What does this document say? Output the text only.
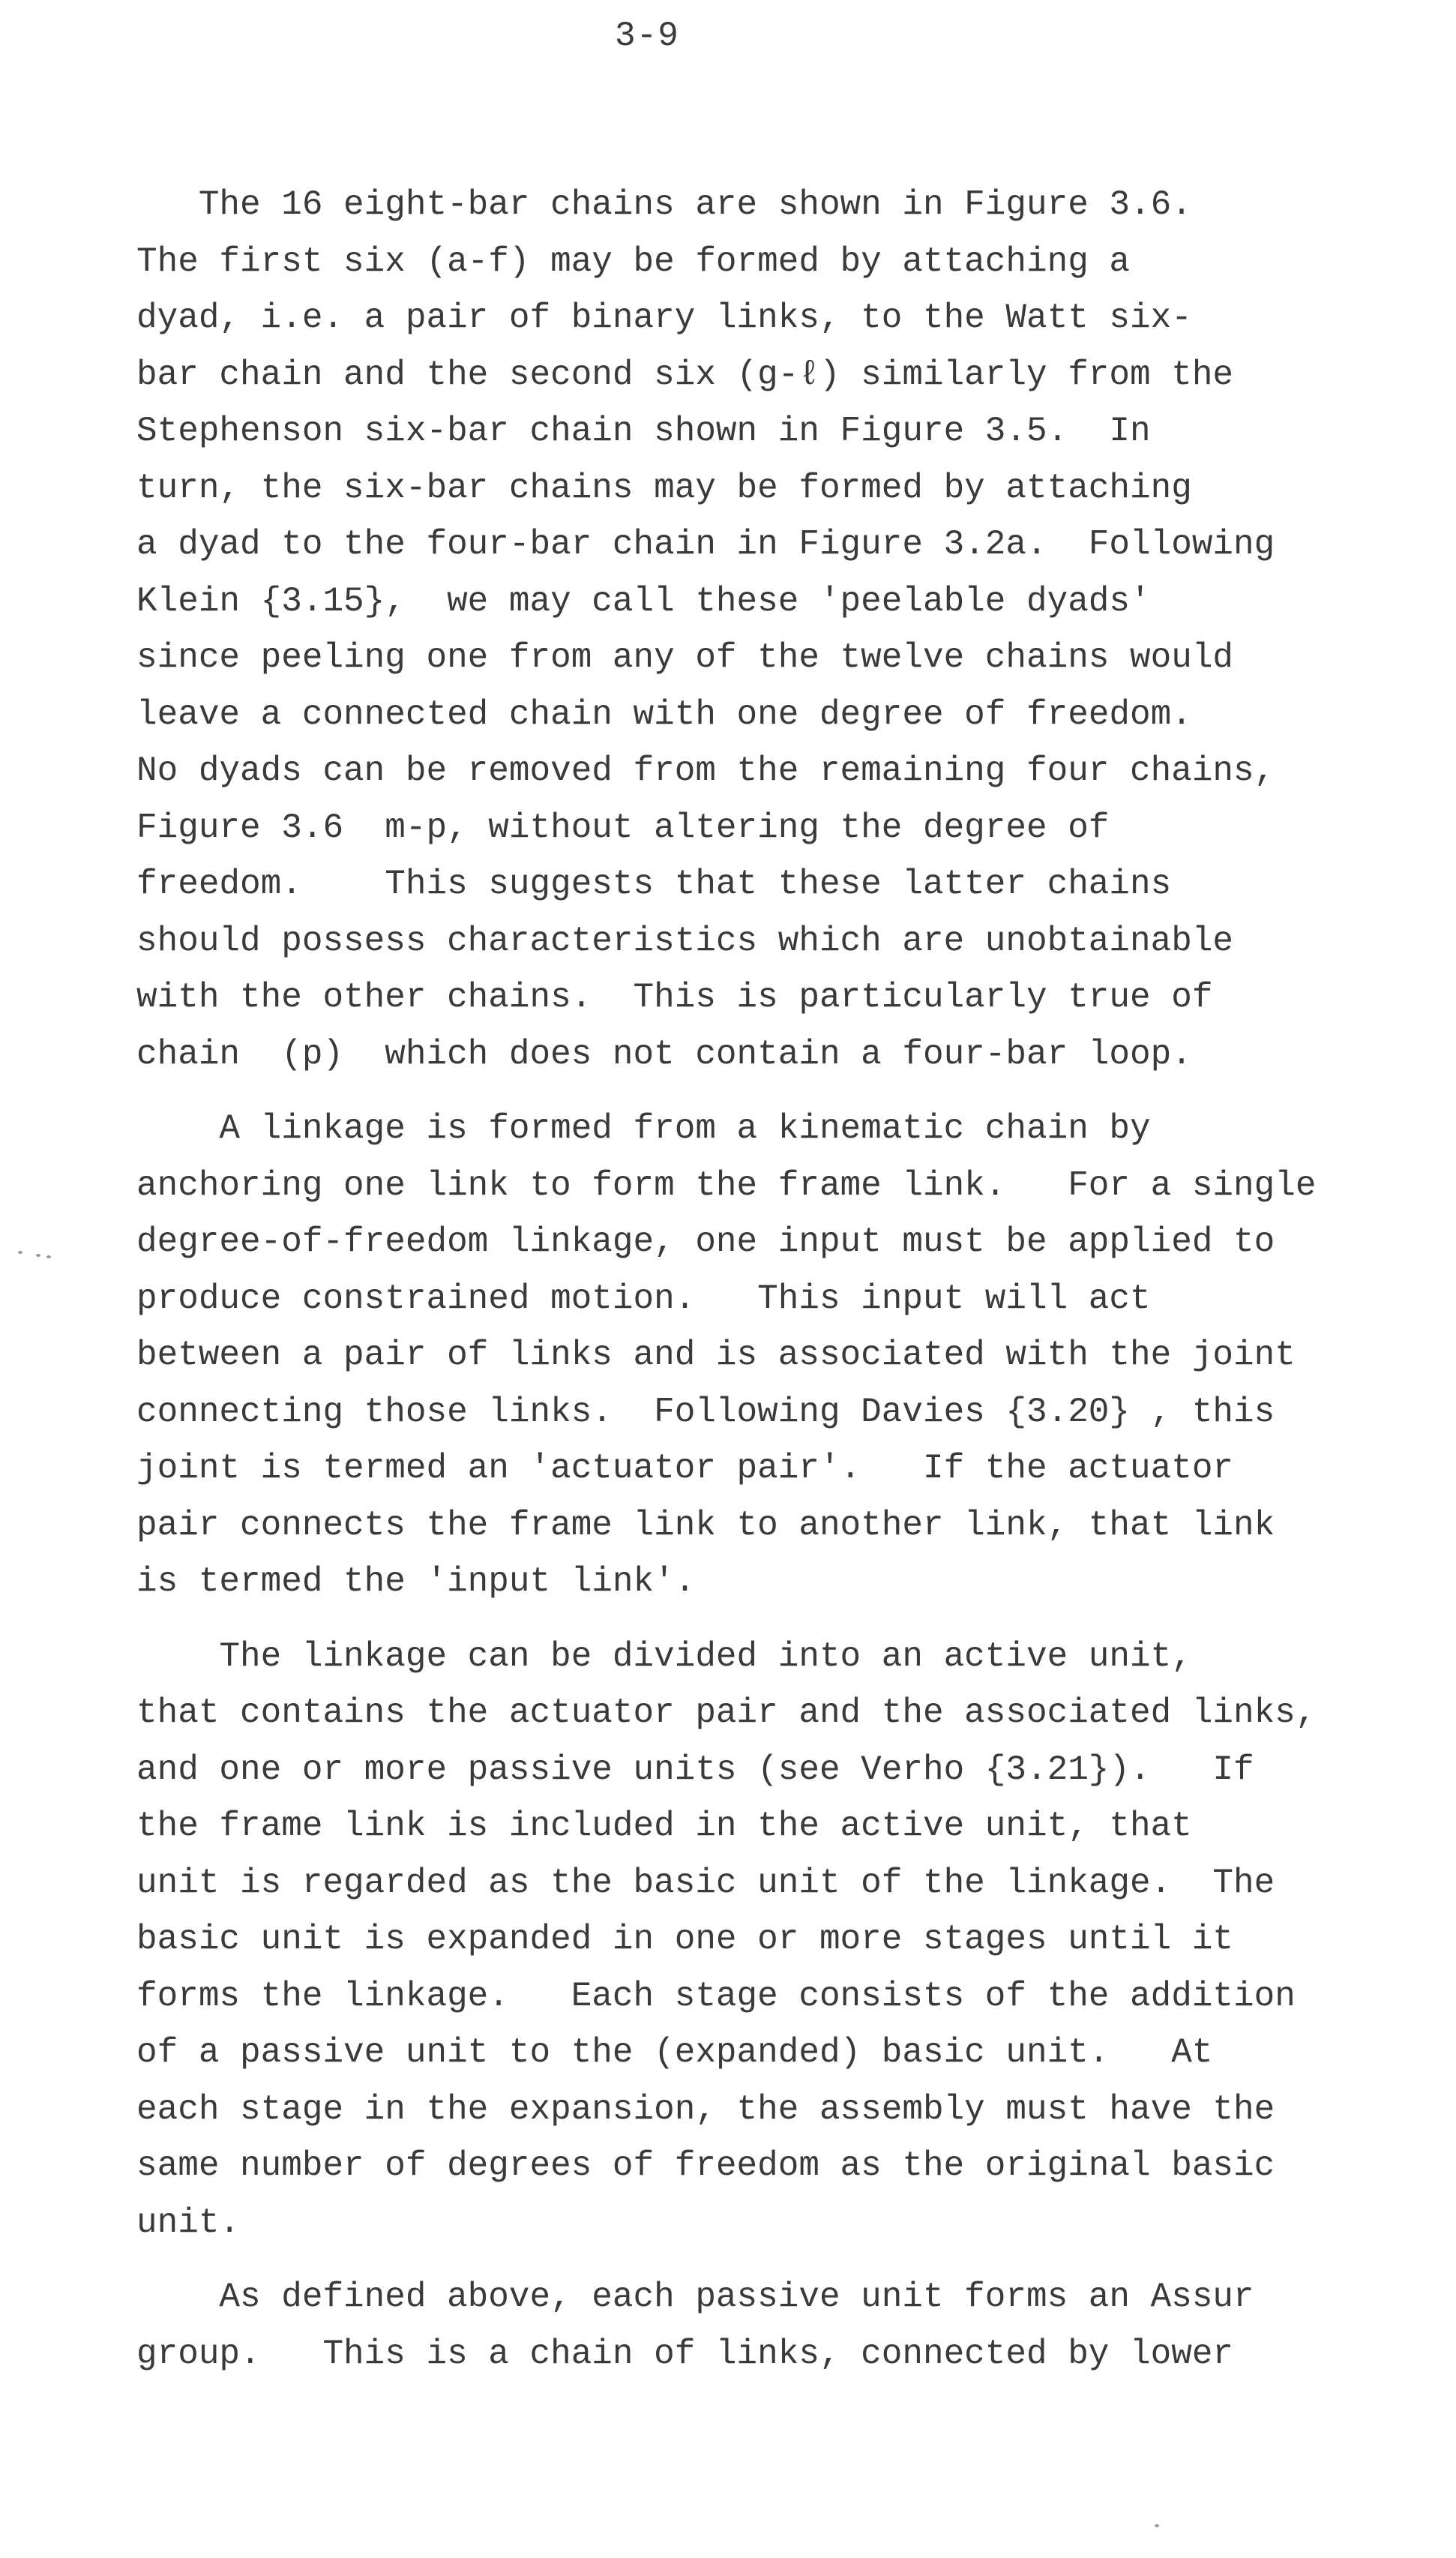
3-9
The 16 eight-bar chains are shown in Figure 3.6.
The first six (a-f) may be formed by attaching a
dyad, i.e. a pair of binary links, to the Watt six-
bar chain and the second six (g-ℓ) similarly from the
Stephenson six-bar chain shown in Figure 3.5.  In
turn, the six-bar chains may be formed by attaching
a dyad to the four-bar chain in Figure 3.2a.  Following
Klein {3.15},  we may call these 'peelable dyads'
since peeling one from any of the twelve chains would
leave a connected chain with one degree of freedom.
No dyads can be removed from the remaining four chains,
Figure 3.6  m-p, without altering the degree of
freedom.    This suggests that these latter chains
should possess characteristics which are unobtainable
with the other chains.  This is particularly true of
chain  (p)  which does not contain a four-bar loop.
A linkage is formed from a kinematic chain by
anchoring one link to form the frame link.   For a single
degree-of-freedom linkage, one input must be applied to
produce constrained motion.   This input will act
between a pair of links and is associated with the joint
connecting those links.  Following Davies {3.20} , this
joint is termed an 'actuator pair'.   If the actuator
pair connects the frame link to another link, that link
is termed the 'input link'.
The linkage can be divided into an active unit,
that contains the actuator pair and the associated links,
and one or more passive units (see Verho {3.21}).   If
the frame link is included in the active unit, that
unit is regarded as the basic unit of the linkage.  The
basic unit is expanded in one or more stages until it
forms the linkage.   Each stage consists of the addition
of a passive unit to the (expanded) basic unit.   At
each stage in the expansion, the assembly must have the
same number of degrees of freedom as the original basic
unit.
As defined above, each passive unit forms an Assur
group.   This is a chain of links, connected by lower
